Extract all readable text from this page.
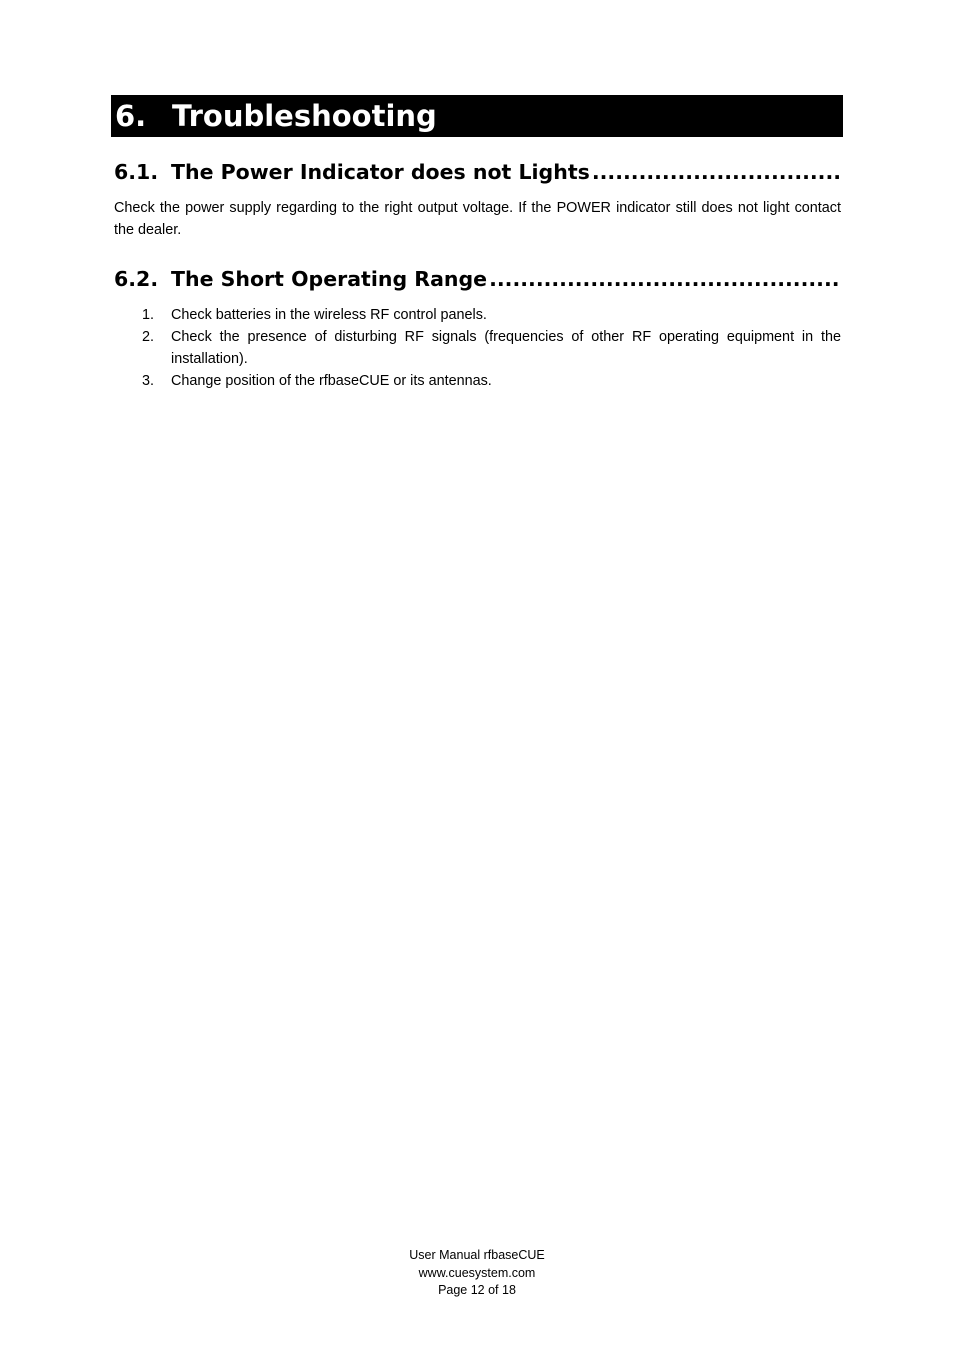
6. Troubleshooting
6.1. The Power Indicator does not Lights
.....

Check the power supply regarding to the right output voltage. If the POWER indicator still does not light contact the dealer.

6.2. The Short Operating Range
.....
1. Check batteries in the wireless RF control panels.
2. Check the presence of disturbing RF signals (frequencies of other RF operating equipment in the installation).
3. Change position of the rfbaseCUE or its antennas.
User Manual rfbaseCUE
www.cuesystem.com
Page 12 of 18
